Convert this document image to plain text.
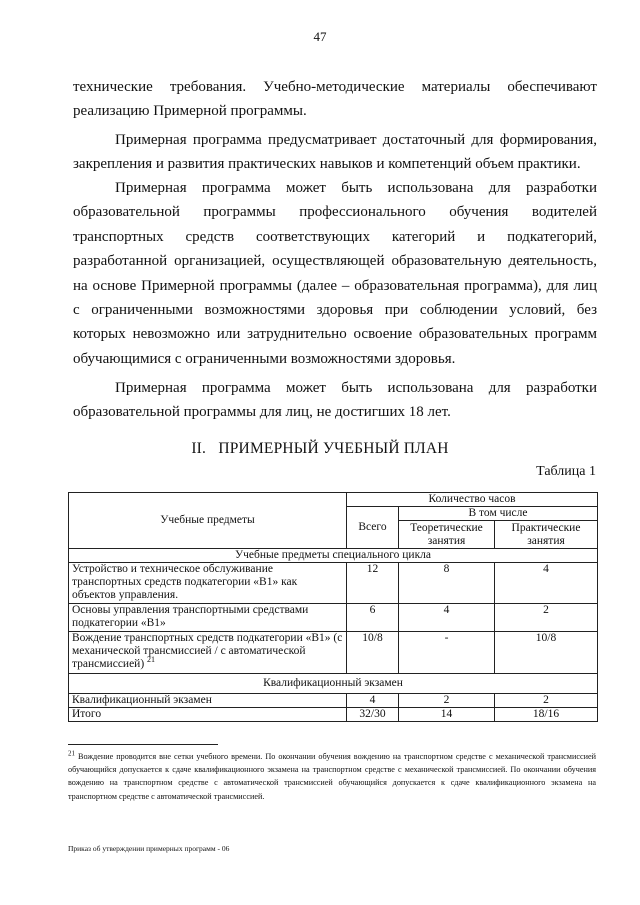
47

технические требования. Учебно-методические материалы обеспечивают реализацию Примерной программы.

Примерная программа предусматривает достаточный для формирования, закрепления и развития практических навыков и компетенций объем практики.

Примерная программа может быть использована для разработки образовательной программы профессионального обучения водителей транспортных средств соответствующих категорий и подкатегорий, разработанной организацией, осуществляющей образовательную деятельность, на основе Примерной программы (далее – образовательная программа), для лиц с ограниченными возможностями здоровья при соблюдении условий, без которых невозможно или затруднительно освоение образовательных программ обучающимися с ограниченными возможностями здоровья.

Примерная программа может быть использована для разработки образовательной программы для лиц, не достигших 18 лет.

II.   ПРИМЕРНЫЙ УЧЕБНЫЙ ПЛАН
Таблица 1
Учебные предметы	Количество часов		
	Всего	В том числе	
		Теоретические занятия	Практические занятия
Учебные предметы специального цикла			
Устройство и техническое обслуживание транспортных средств подкатегории «В1» как объектов управления.	12	8	4
Основы управления транспортными средствами подкатегории «В1»	6	4	2
Вождение транспортных средств подкатегории «В1» (с механической трансмиссией / с автоматической трансмиссией) $^{21}$	10/8	-	10/8
Квалификационный экзамен			
Квалификационный экзамен	4	2	2
Итого	32/30	14	18/16
$^{21}$ Вождение проводится вне сетки учебного времени. По окончании обучения вождению на транспортном средстве с механической трансмиссией обучающийся допускается к сдаче квалификационного экзамена на транспортном средстве с механической трансмиссией. По окончании обучения вождению на транспортном средстве с автоматической трансмиссией обучающийся допускается к сдаче квалификационного экзамена на транспортном средстве с автоматической трансмиссией.
Приказ об утверждении примерных программ - 06
